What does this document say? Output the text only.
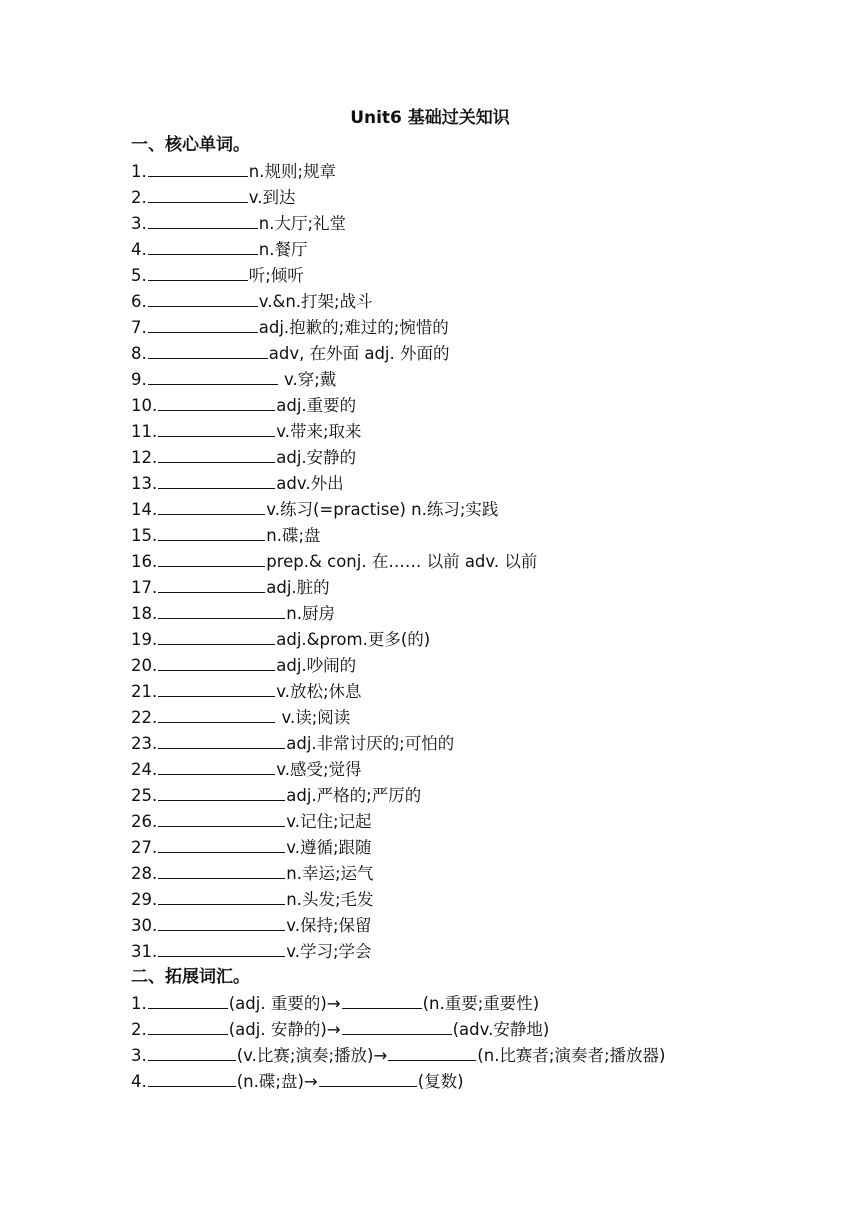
Unit6 基础过关知识
一、核心单词。
1.	n.规则;规章
2.	v.到达
3.	n.大厅;礼堂
4.	n.餐厅
5.	听;倾听
6.	v.&n.打架;战斗
7.	adj.抱歉的;难过的;惋惜的
8.	adv, 在外面 adj. 外面的
9.	v.穿;戴
10.	adj.重要的
11.	v.带来;取来
12.	adj.安静的
13.	adv.外出
14.	v.练习(=practise) n.练习;实践
15.	n.碟;盘
16.	prep.& conj. 在…… 以前 adv. 以前
17.	adj.脏的
18.	n.厨房
19.	adj.&prom.更多(的)
20.	adj.吵闹的
21.	v.放松;休息
22.	v.读;阅读
23.	adj.非常讨厌的;可怕的
24.	v.感受;觉得
25.	adj.严格的;严厉的
26.	v.记住;记起
27.	v.遵循;跟随
28.	n.幸运;运气
29.	n.头发;毛发
30.	v.保持;保留
31.	v.学习;学会
二、拓展词汇。
1.	(adj. 重要的)→	(n.重要;重要性)
2.	(adj. 安静的)→	(adv.安静地)
3.	(v.比赛;演奏;播放)→	(n.比赛者;演奏者;播放器)
4.	(n.碟;盘)→	(复数)
